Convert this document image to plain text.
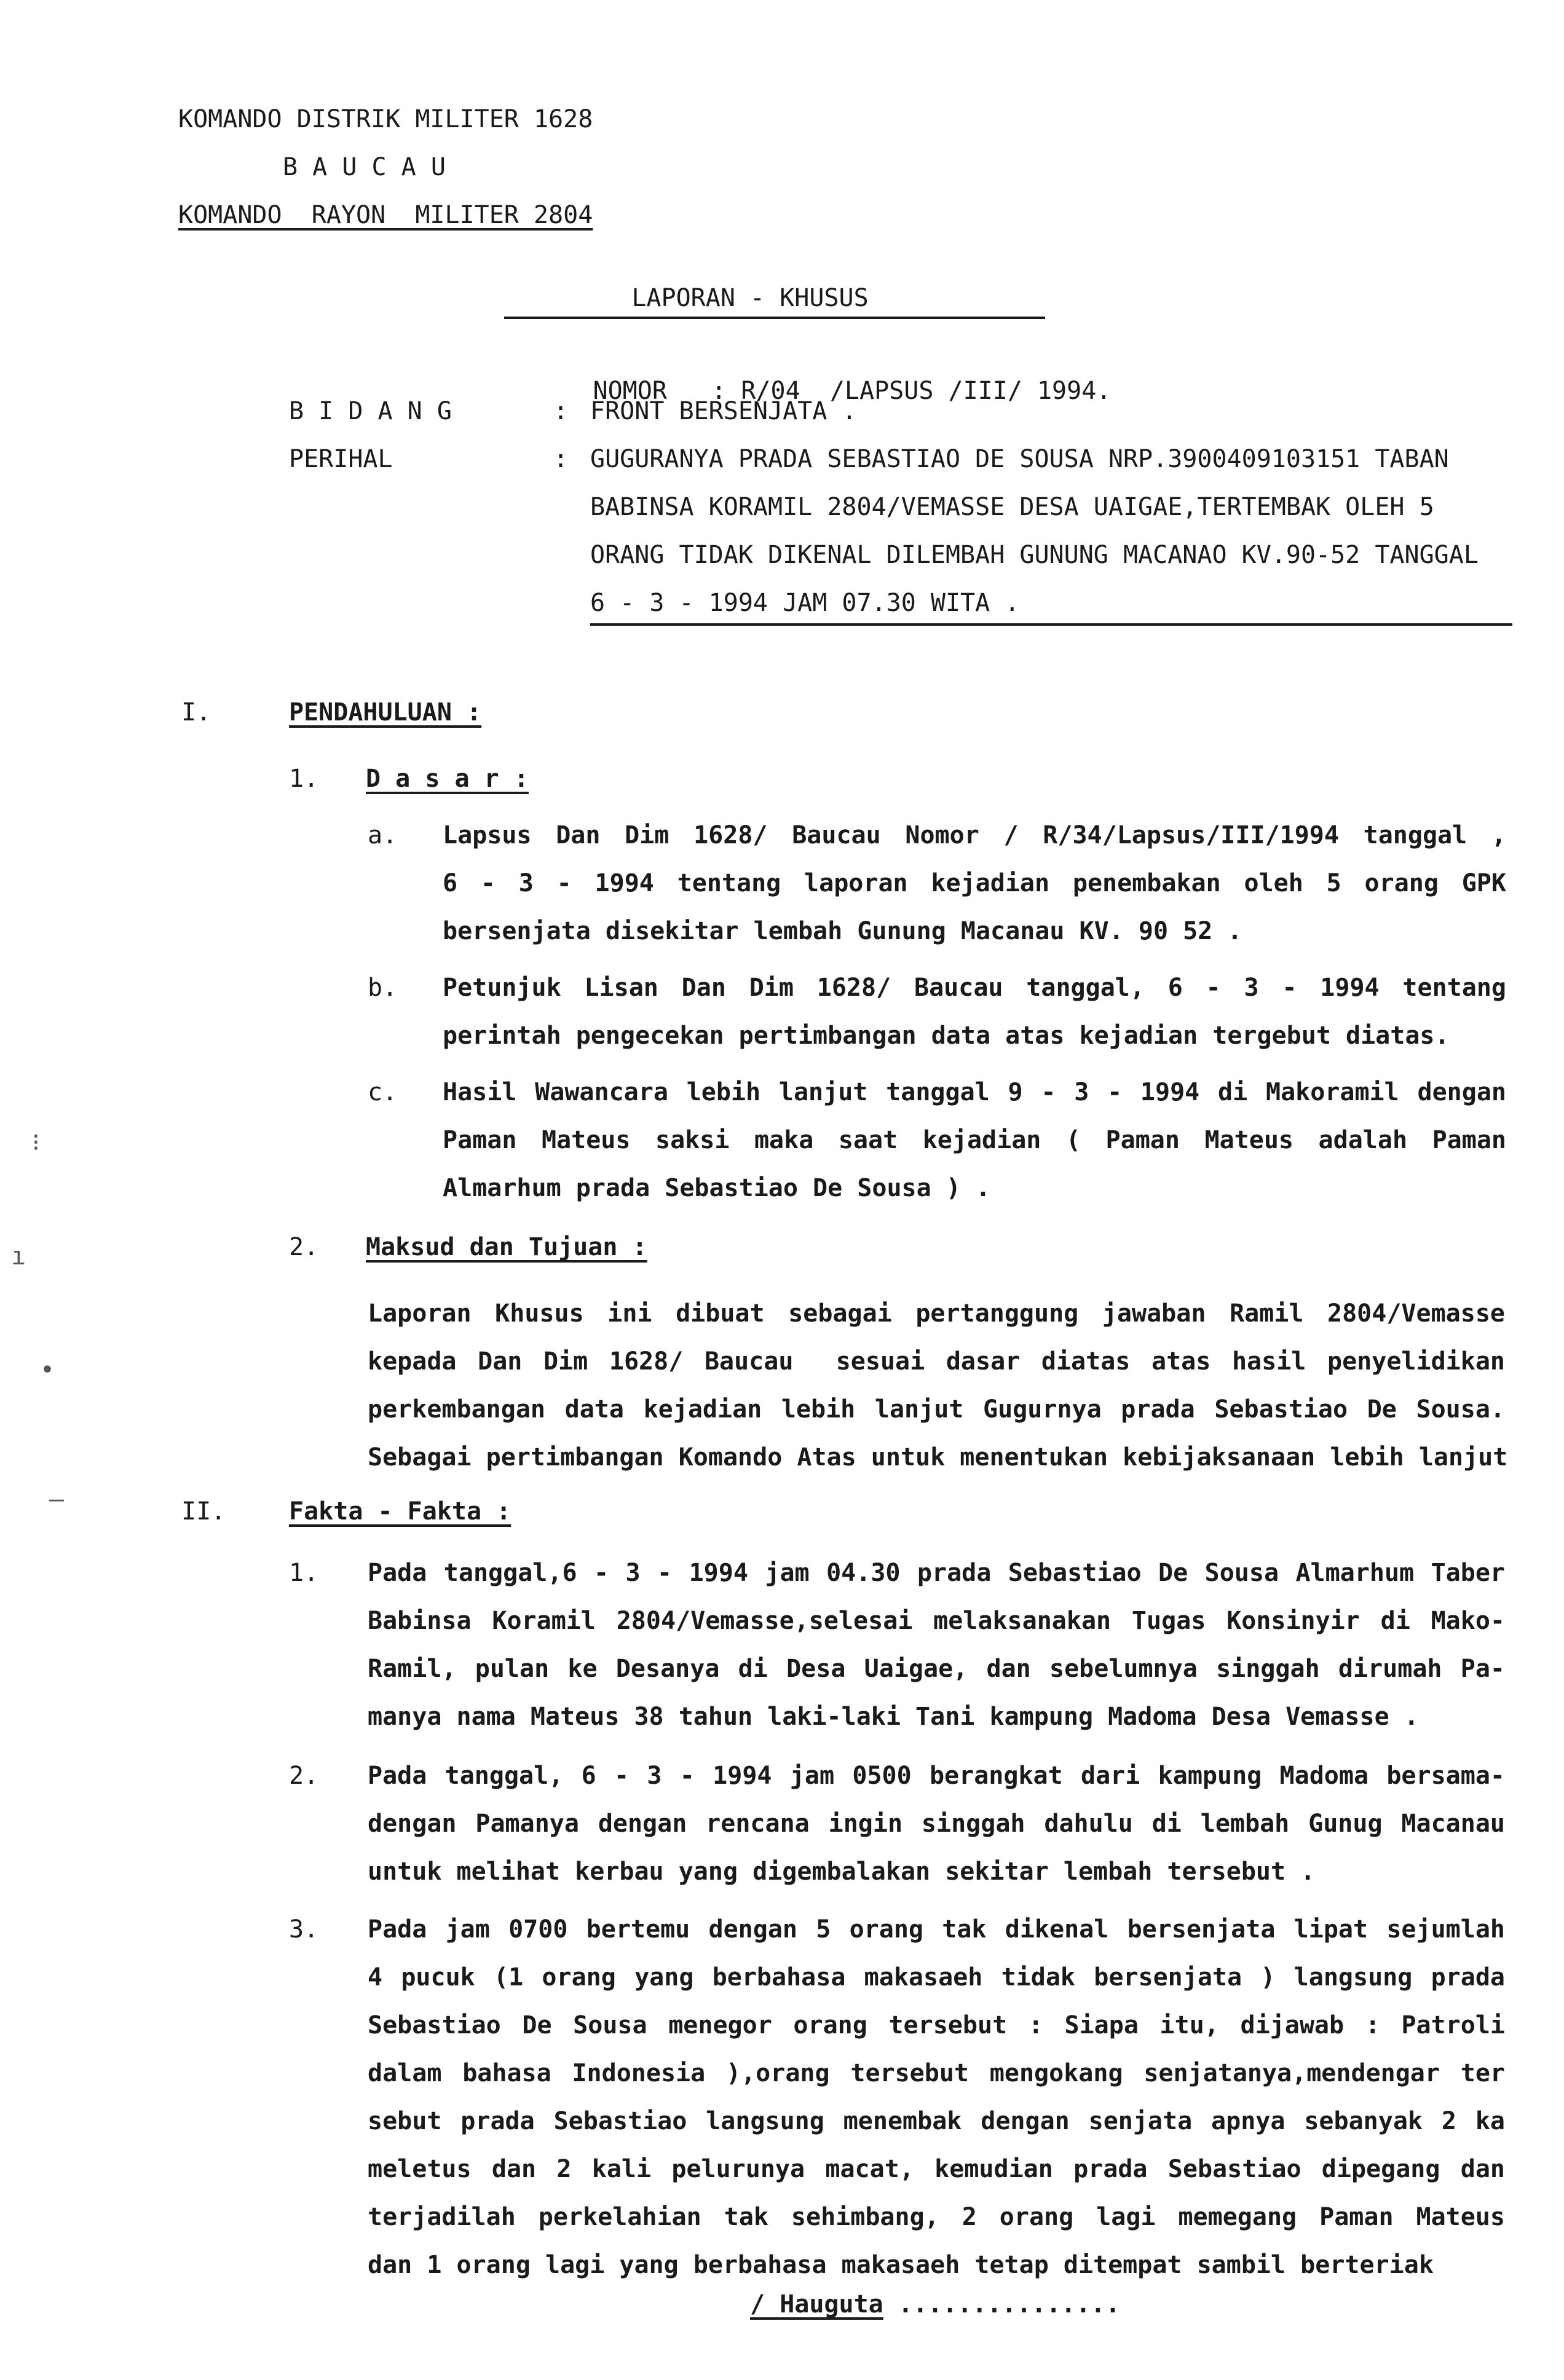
KOMANDO DISTRIK MILITER 1628
B A U C A U
KOMANDO  RAYON  MILITER 2804
LAPORAN - KHUSUS

NOMOR : R/04  /LAPSUS /III/ 1994.

B I D A N G	: FRONT BERSENJATA .
PERIHAL	: GUGURANYA PRADA SEBASTIAO DE SOUSA NRP.3900409103151 TABAN
BABINSA KORAMIL 2804/VEMASSE DESA UAIGAE,TERTEMBAK OLEH 5
ORANG TIDAK DIKENAL DILEMBAH GUNUNG MACANAO KV.90-52 TANGGAL
6 - 3 - 1994 JAM 07.30 WITA .
I.	PENDAHULUAN :
1.	D a s a r :
a.	Lapsus Dan Dim 1628/ Baucau Nomor / R/34/Lapsus/III/1994 tanggal ,
6 - 3 - 1994 tentang laporan kejadian penembakan oleh 5 orang GPK
bersenjata disekitar lembah Gunung Macanau KV. 90 52 .
b.	Petunjuk Lisan Dan Dim 1628/ Baucau tanggal, 6 - 3 - 1994 tentang
perintah pengecekan pertimbangan data atas kejadian tergebut diatas.
c.	Hasil Wawancara lebih lanjut tanggal 9 - 3 - 1994 di Makoramil dengan
Paman Mateus saksi maka saat kejadian ( Paman Mateus adalah Paman
Almarhum prada Sebastiao De Sousa ) .
2.	Maksud dan Tujuan :
Laporan Khusus ini dibuat sebagai pertanggung jawaban Ramil 2804/Vemasse
kepada Dan Dim 1628/ Baucau  sesuai dasar diatas atas hasil penyelidikan
perkembangan data kejadian lebih lanjut Gugurnya prada Sebastiao De Sousa.
Sebagai pertimbangan Komando Atas untuk menentukan kebijaksanaan lebih lanjut
II.	Fakta - Fakta :
1.	Pada tanggal,6 - 3 - 1994 jam 04.30 prada Sebastiao De Sousa Almarhum Taber
Babinsa Koramil 2804/Vemasse,selesai melaksanakan Tugas Konsinyir di Mako-
Ramil, pulan ke Desanya di Desa Uaigae, dan sebelumnya singgah dirumah Pa-
manya nama Mateus 38 tahun laki-laki Tani kampung Madoma Desa Vemasse .
2.	Pada tanggal, 6 - 3 - 1994 jam 0500 berangkat dari kampung Madoma bersama-
dengan Pamanya dengan rencana ingin singgah dahulu di lembah Gunug Macanau
untuk melihat kerbau yang digembalakan sekitar lembah tersebut .
3.	Pada jam 0700 bertemu dengan 5 orang tak dikenal bersenjata lipat sejumlah
4 pucuk (1 orang yang berbahasa makasaeh tidak bersenjata ) langsung prada
Sebastiao De Sousa menegor orang tersebut : Siapa itu, dijawab : Patroli
dalam bahasa Indonesia ),orang tersebut mengokang senjatanya,mendengar ter
sebut prada Sebastiao langsung menembak dengan senjata apnya sebanyak 2 ka
meletus dan 2 kali pelurunya macat, kemudian prada Sebastiao dipegang dan
terjadilah perkelahian tak sehimbang, 2 orang lagi memegang Paman Mateus
dan 1 orang lagi yang berbahasa makasaeh tetap ditempat sambil berteriak
/ Hauguta ...............
⁝
ı
•
–
